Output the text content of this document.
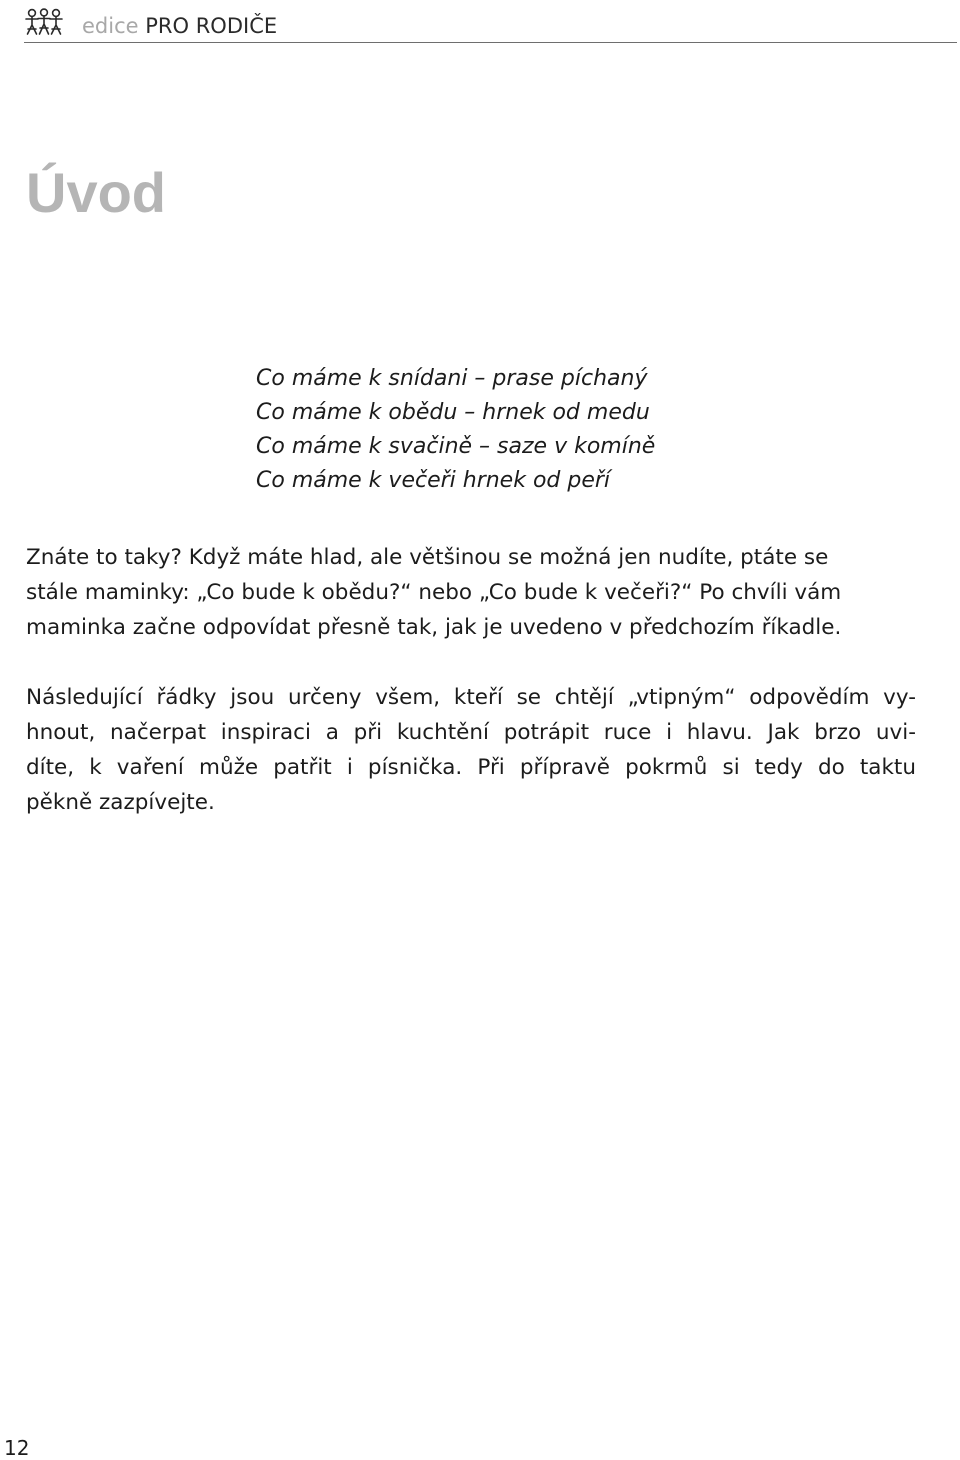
edice PRO RODIČE
Úvod
Co máme k snídani – prase píchaný
Co máme k obědu – hrnek od medu
Co máme k svačině – saze v komíně
Co máme k večeři hrnek od peří

Znáte to taky? Když máte hlad, ale většinou se možná jen nudíte, ptáte se
stále maminky: „Co bude k obědu?“ nebo „Co bude k večeři?“ Po chvíli vám
maminka začne odpovídat přesně tak, jak je uvedeno v předchozím říkadle.

Následující řádky jsou určeny všem, kteří se chtějí „vtipným“ odpovědím vy-
hnout, načerpat inspiraci a při kuchtění potrápit ruce i hlavu. Jak brzo uvi-
díte, k vaření může patřit i písnička. Při přípravě pokrmů si tedy do taktu
pěkně zazpívejte.

12
